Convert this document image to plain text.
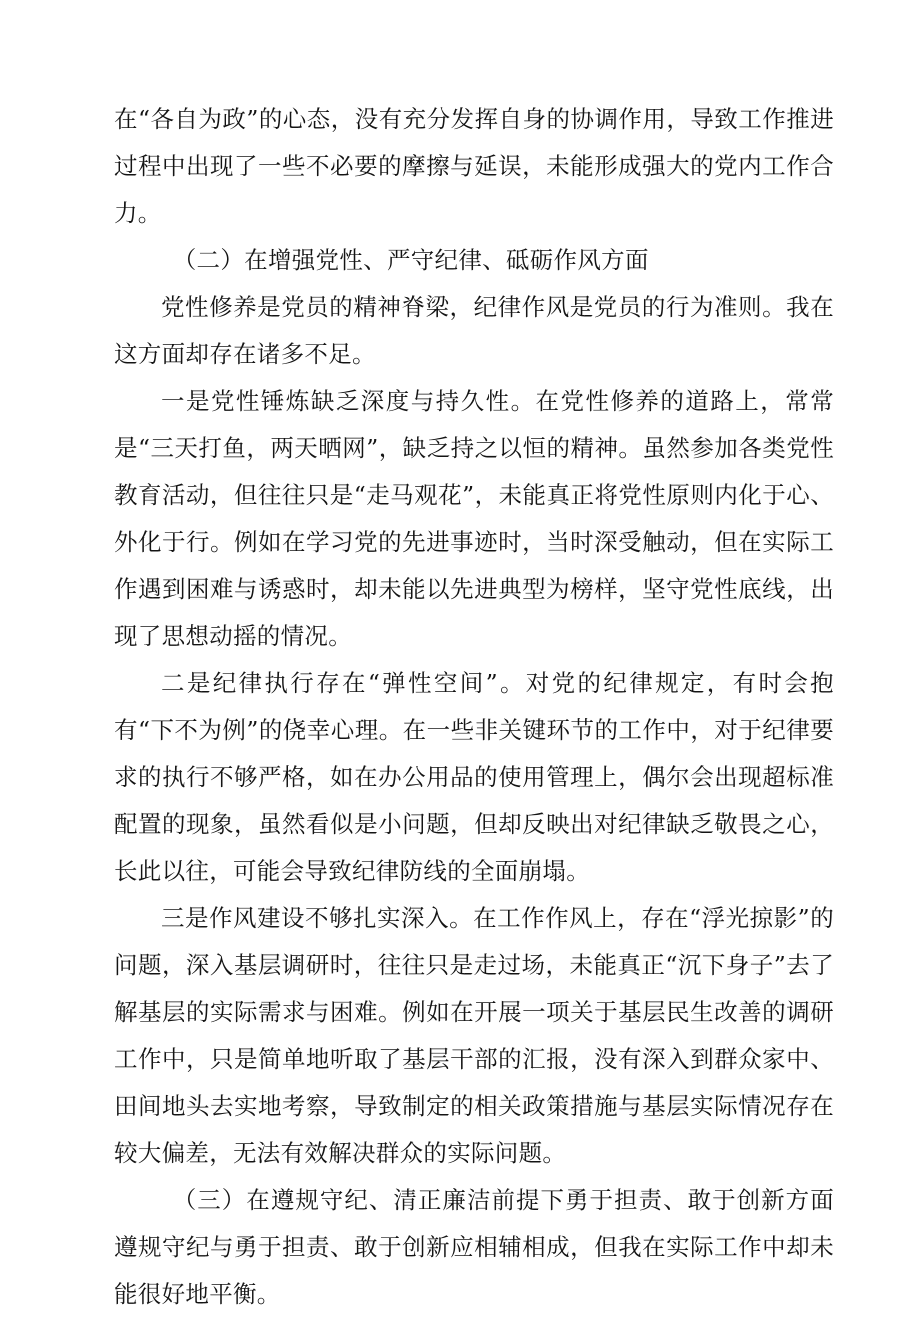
在“各自为政”的心态，没有充分发挥自身的协调作用，导致工作推进过程中出现了一些不必要的摩擦与延误，未能形成强大的党内工作合力。

（二）在增强党性、严守纪律、砥砺作风方面

党性修养是党员的精神脊梁，纪律作风是党员的行为准则。我在这方面却存在诸多不足。

一是党性锤炼缺乏深度与持久性。在党性修养的道路上，常常是“三天打鱼，两天晒网”，缺乏持之以恒的精神。虽然参加各类党性教育活动，但往往只是“走马观花”，未能真正将党性原则内化于心、外化于行。例如在学习党的先进事迹时，当时深受触动，但在实际工作遇到困难与诱惑时，却未能以先进典型为榜样，坚守党性底线，出现了思想动摇的情况。

二是纪律执行存在“弹性空间”。对党的纪律规定，有时会抱有“下不为例”的侥幸心理。在一些非关键环节的工作中，对于纪律要求的执行不够严格，如在办公用品的使用管理上，偶尔会出现超标准配置的现象，虽然看似是小问题，但却反映出对纪律缺乏敬畏之心，长此以往，可能会导致纪律防线的全面崩塌。

三是作风建设不够扎实深入。在工作作风上，存在“浮光掠影”的问题，深入基层调研时，往往只是走过场，未能真正“沉下身子”去了解基层的实际需求与困难。例如在开展一项关于基层民生改善的调研工作中，只是简单地听取了基层干部的汇报，没有深入到群众家中、田间地头去实地考察，导致制定的相关政策措施与基层实际情况存在较大偏差，无法有效解决群众的实际问题。

（三）在遵规守纪、清正廉洁前提下勇于担责、敢于创新方面遵规守纪与勇于担责、敢于创新应相辅相成，但我在实际工作中却未能很好地平衡。
